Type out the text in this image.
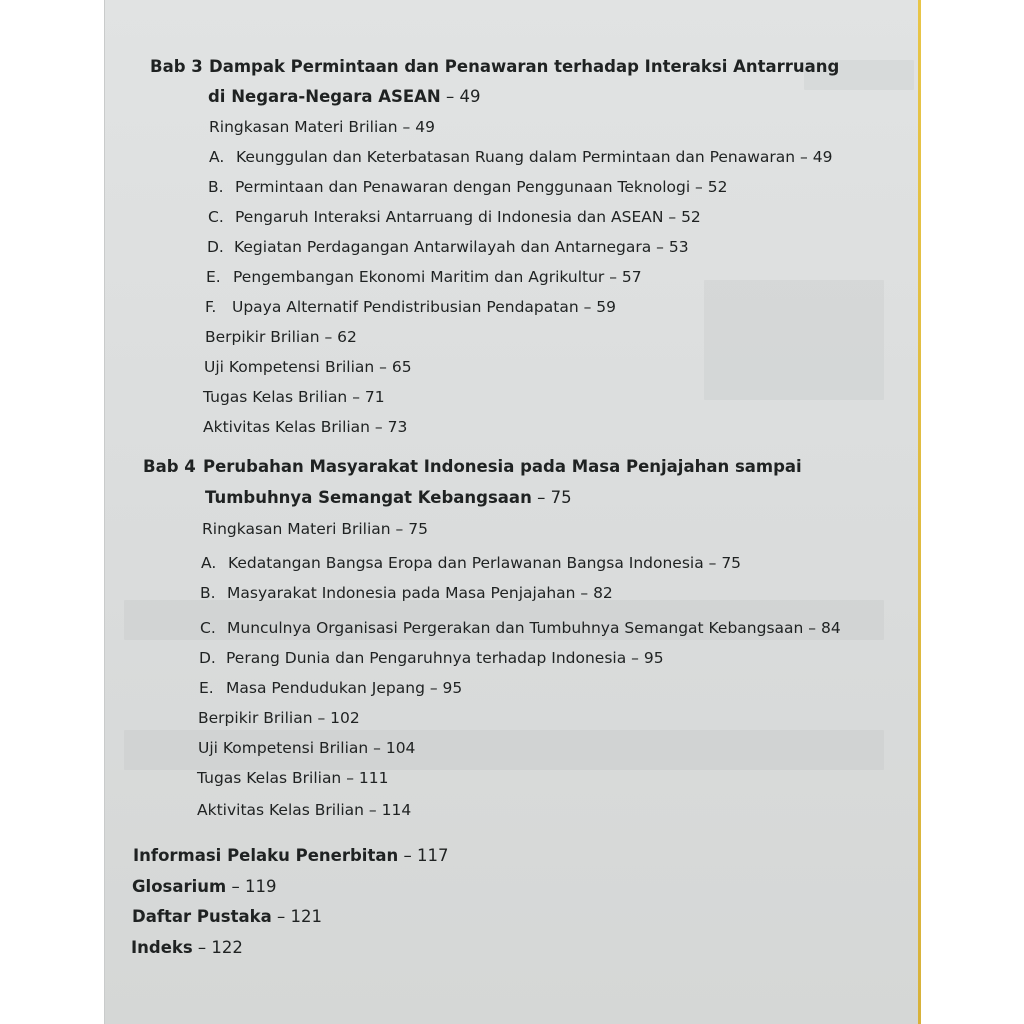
Bab 3 Dampak Permintaan dan Penawaran terhadap Interaksi Antarruang
di Negara-Negara ASEAN – 49
Ringkasan Materi Brilian – 49
A. Keunggulan dan Keterbatasan Ruang dalam Permintaan dan Penawaran – 49
B. Permintaan dan Penawaran dengan Penggunaan Teknologi – 52
C. Pengaruh Interaksi Antarruang di Indonesia dan ASEAN – 52
D. Kegiatan Perdagangan Antarwilayah dan Antarnegara – 53
E. Pengembangan Ekonomi Maritim dan Agrikultur – 57
F. Upaya Alternatif Pendistribusian Pendapatan – 59
Berpikir Brilian – 62
Uji Kompetensi Brilian – 65
Tugas Kelas Brilian – 71
Aktivitas Kelas Brilian – 73
Bab 4 Perubahan Masyarakat Indonesia pada Masa Penjajahan sampai
Tumbuhnya Semangat Kebangsaan – 75
Ringkasan Materi Brilian – 75
A. Kedatangan Bangsa Eropa dan Perlawanan Bangsa Indonesia – 75
B. Masyarakat Indonesia pada Masa Penjajahan – 82
C. Munculnya Organisasi Pergerakan dan Tumbuhnya Semangat Kebangsaan – 84
D. Perang Dunia dan Pengaruhnya terhadap Indonesia – 95
E. Masa Pendudukan Jepang – 95
Berpikir Brilian – 102
Uji Kompetensi Brilian – 104
Tugas Kelas Brilian – 111
Aktivitas Kelas Brilian – 114
Informasi Pelaku Penerbitan – 117
Glosarium – 119
Daftar Pustaka – 121
Indeks – 122
